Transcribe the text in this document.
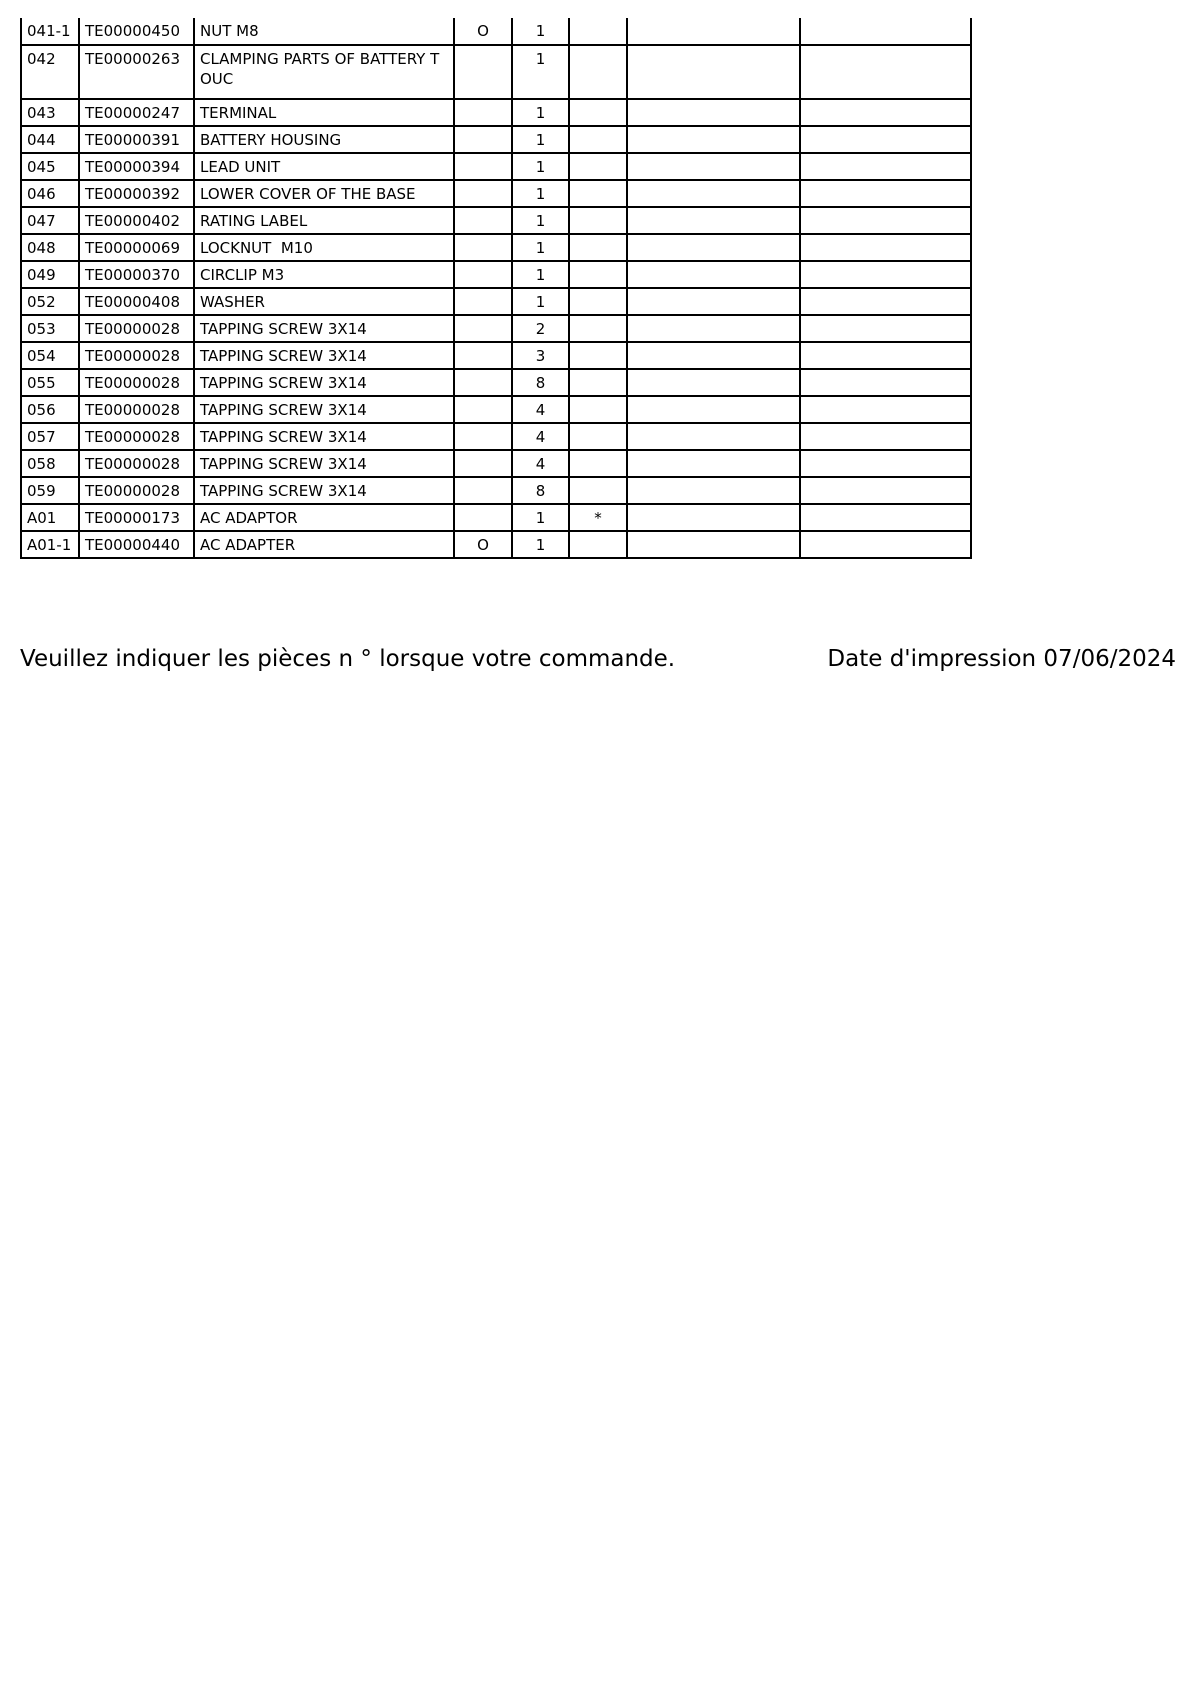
041-1	TE00000450	NUT M8	O	1			
042	TE00000263	CLAMPING PARTS OF BATTERY T OUC		1			
043	TE00000247	TERMINAL		1			
044	TE00000391	BATTERY HOUSING		1			
045	TE00000394	LEAD UNIT		1			
046	TE00000392	LOWER COVER OF THE BASE		1			
047	TE00000402	RATING LABEL		1			
048	TE00000069	LOCKNUT  M10		1			
049	TE00000370	CIRCLIP M3		1			
052	TE00000408	WASHER		1			
053	TE00000028	TAPPING SCREW 3X14		2			
054	TE00000028	TAPPING SCREW 3X14		3			
055	TE00000028	TAPPING SCREW 3X14		8			
056	TE00000028	TAPPING SCREW 3X14		4			
057	TE00000028	TAPPING SCREW 3X14		4			
058	TE00000028	TAPPING SCREW 3X14		4			
059	TE00000028	TAPPING SCREW 3X14		8			
A01	TE00000173	AC ADAPTOR		1	*		
A01-1	TE00000440	AC ADAPTER	O	1			
Veuillez indiquer les pièces n ° lorsque votre commande.	Date d'impression 07/06/2024
